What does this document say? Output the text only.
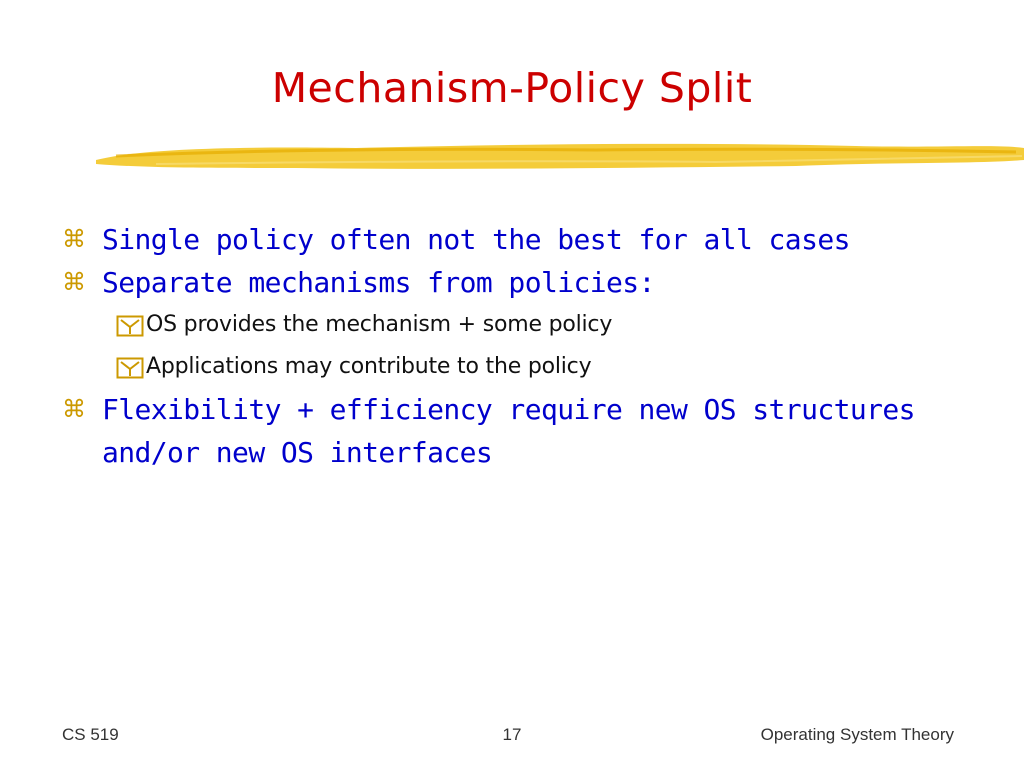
Mechanism-Policy Split
⌘ Single policy often not the best for all cases
⌘ Separate mechanisms from policies:
OS provides the mechanism + some policy
Applications may contribute to the policy
⌘ Flexibility + efficiency require new OS structures and/or new OS interfaces
CS 519	17	Operating System Theory
